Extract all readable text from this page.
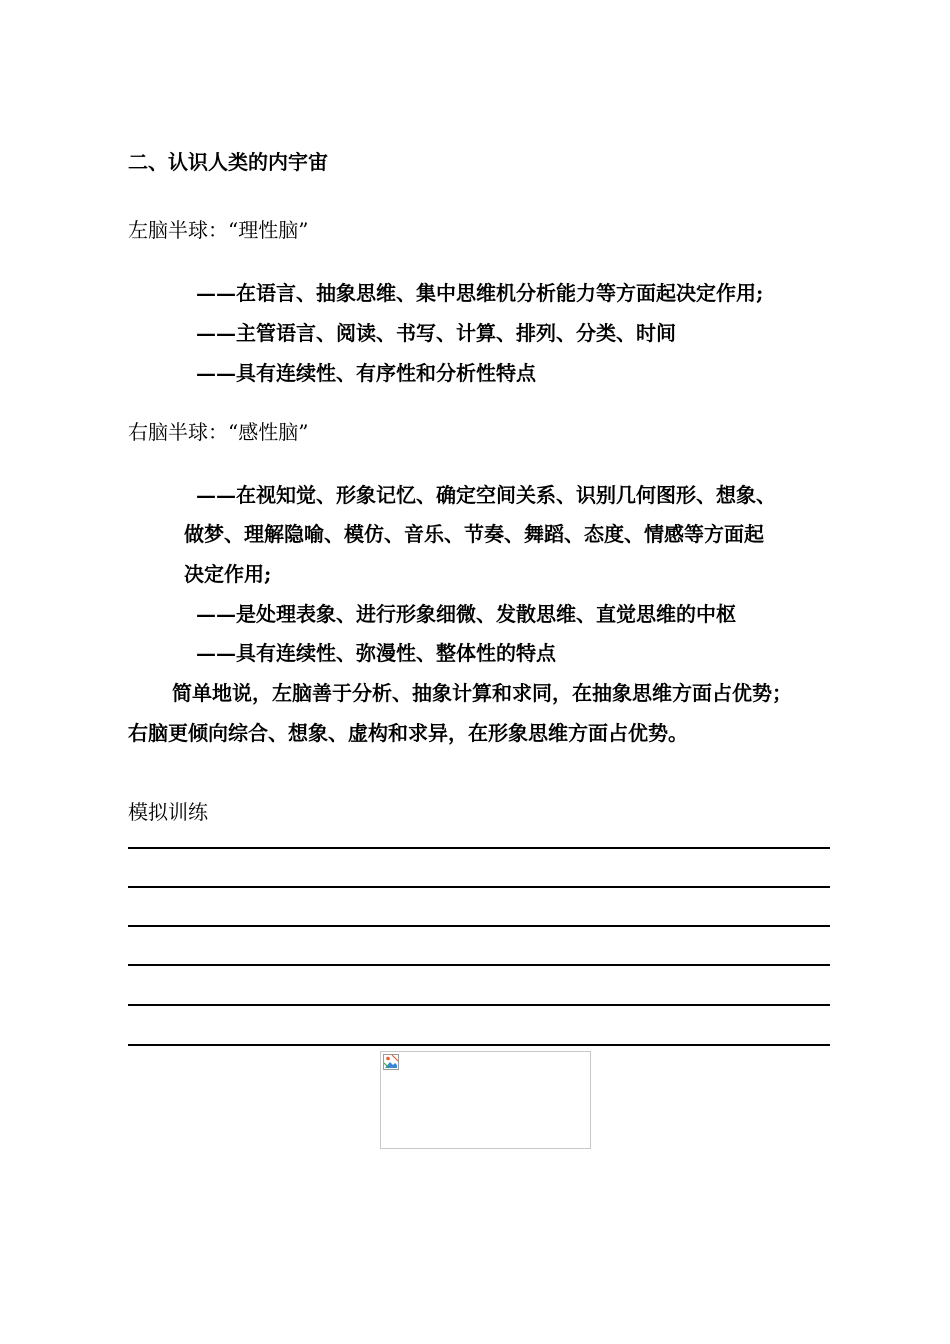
二、认识人类的内宇宙

左脑半球：“理性脑”

——在语言、抽象思维、集中思维机分析能力等方面起决定作用;

——主管语言、阅读、书写、计算、排列、分类、时间

——具有连续性、有序性和分析性特点

右脑半球：“感性脑”

——在视知觉、形象记忆、确定空间关系、识别几何图形、想象、

做梦、理解隐喻、模仿、音乐、节奏、舞蹈、态度、情感等方面起

决定作用;

——是处理表象、进行形象细微、发散思维、直觉思维的中枢

——具有连续性、弥漫性、整体性的特点

简单地说，左脑善于分析、抽象计算和求同，在抽象思维方面占优势；

右脑更倾向综合、想象、虚构和求异，在形象思维方面占优势。

模拟训练
